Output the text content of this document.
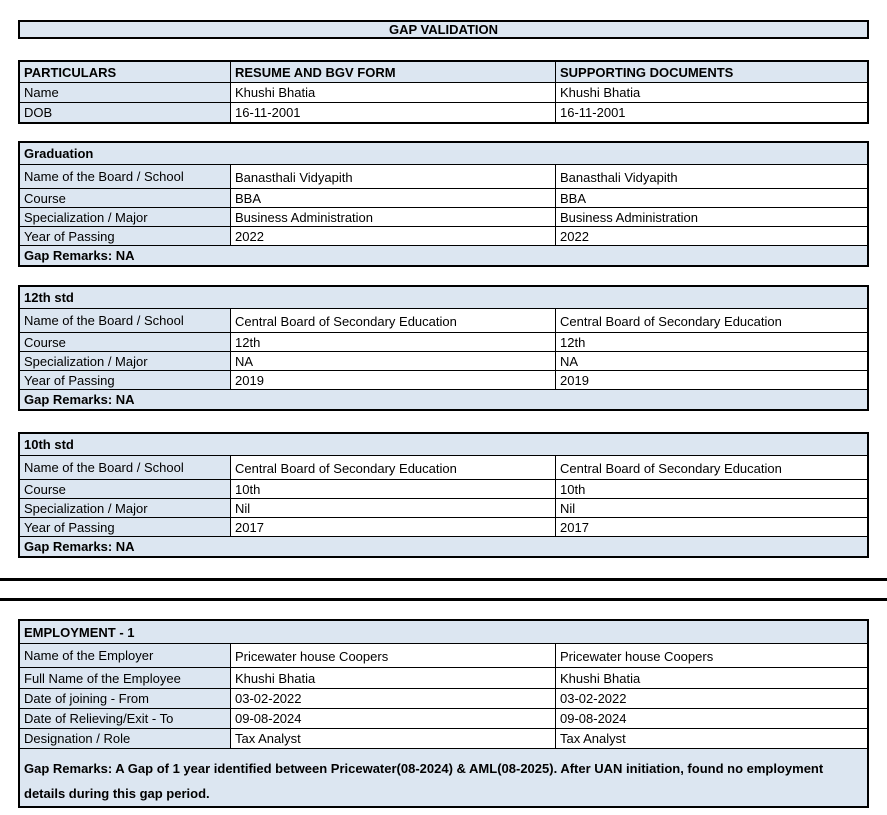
GAP VALIDATION
PARTICULARS	RESUME AND BGV FORM	SUPPORTING DOCUMENTS
Name	Khushi Bhatia	Khushi Bhatia
DOB	16-11-2001	16-11-2001
Graduation
Name of the Board / School	Banasthali Vidyapith	Banasthali Vidyapith
Course	BBA	BBA
Specialization / Major	Business Administration	Business Administration
Year of Passing	2022	2022
Gap Remarks: NA
12th std
Name of the Board / School	Central Board of Secondary Education	Central Board of Secondary Education
Course	12th	12th
Specialization / Major	NA	NA
Year of Passing	2019	2019
Gap Remarks: NA
10th std
Name of the Board / School	Central Board of Secondary Education	Central Board of Secondary Education
Course	10th	10th
Specialization / Major	Nil	Nil
Year of Passing	2017	2017
Gap Remarks: NA
EMPLOYMENT - 1
Name of the Employer	Pricewater house Coopers	Pricewater house Coopers
Full Name of the Employee	Khushi Bhatia	Khushi Bhatia
Date of joining - From	03-02-2022	03-02-2022
Date of Relieving/Exit - To	09-08-2024	09-08-2024
Designation / Role	Tax Analyst	Tax Analyst
Gap Remarks: A Gap of 1 year identified between Pricewater(08-2024) & AML(08-2025). After UAN initiation, found no employment details during this gap period.
